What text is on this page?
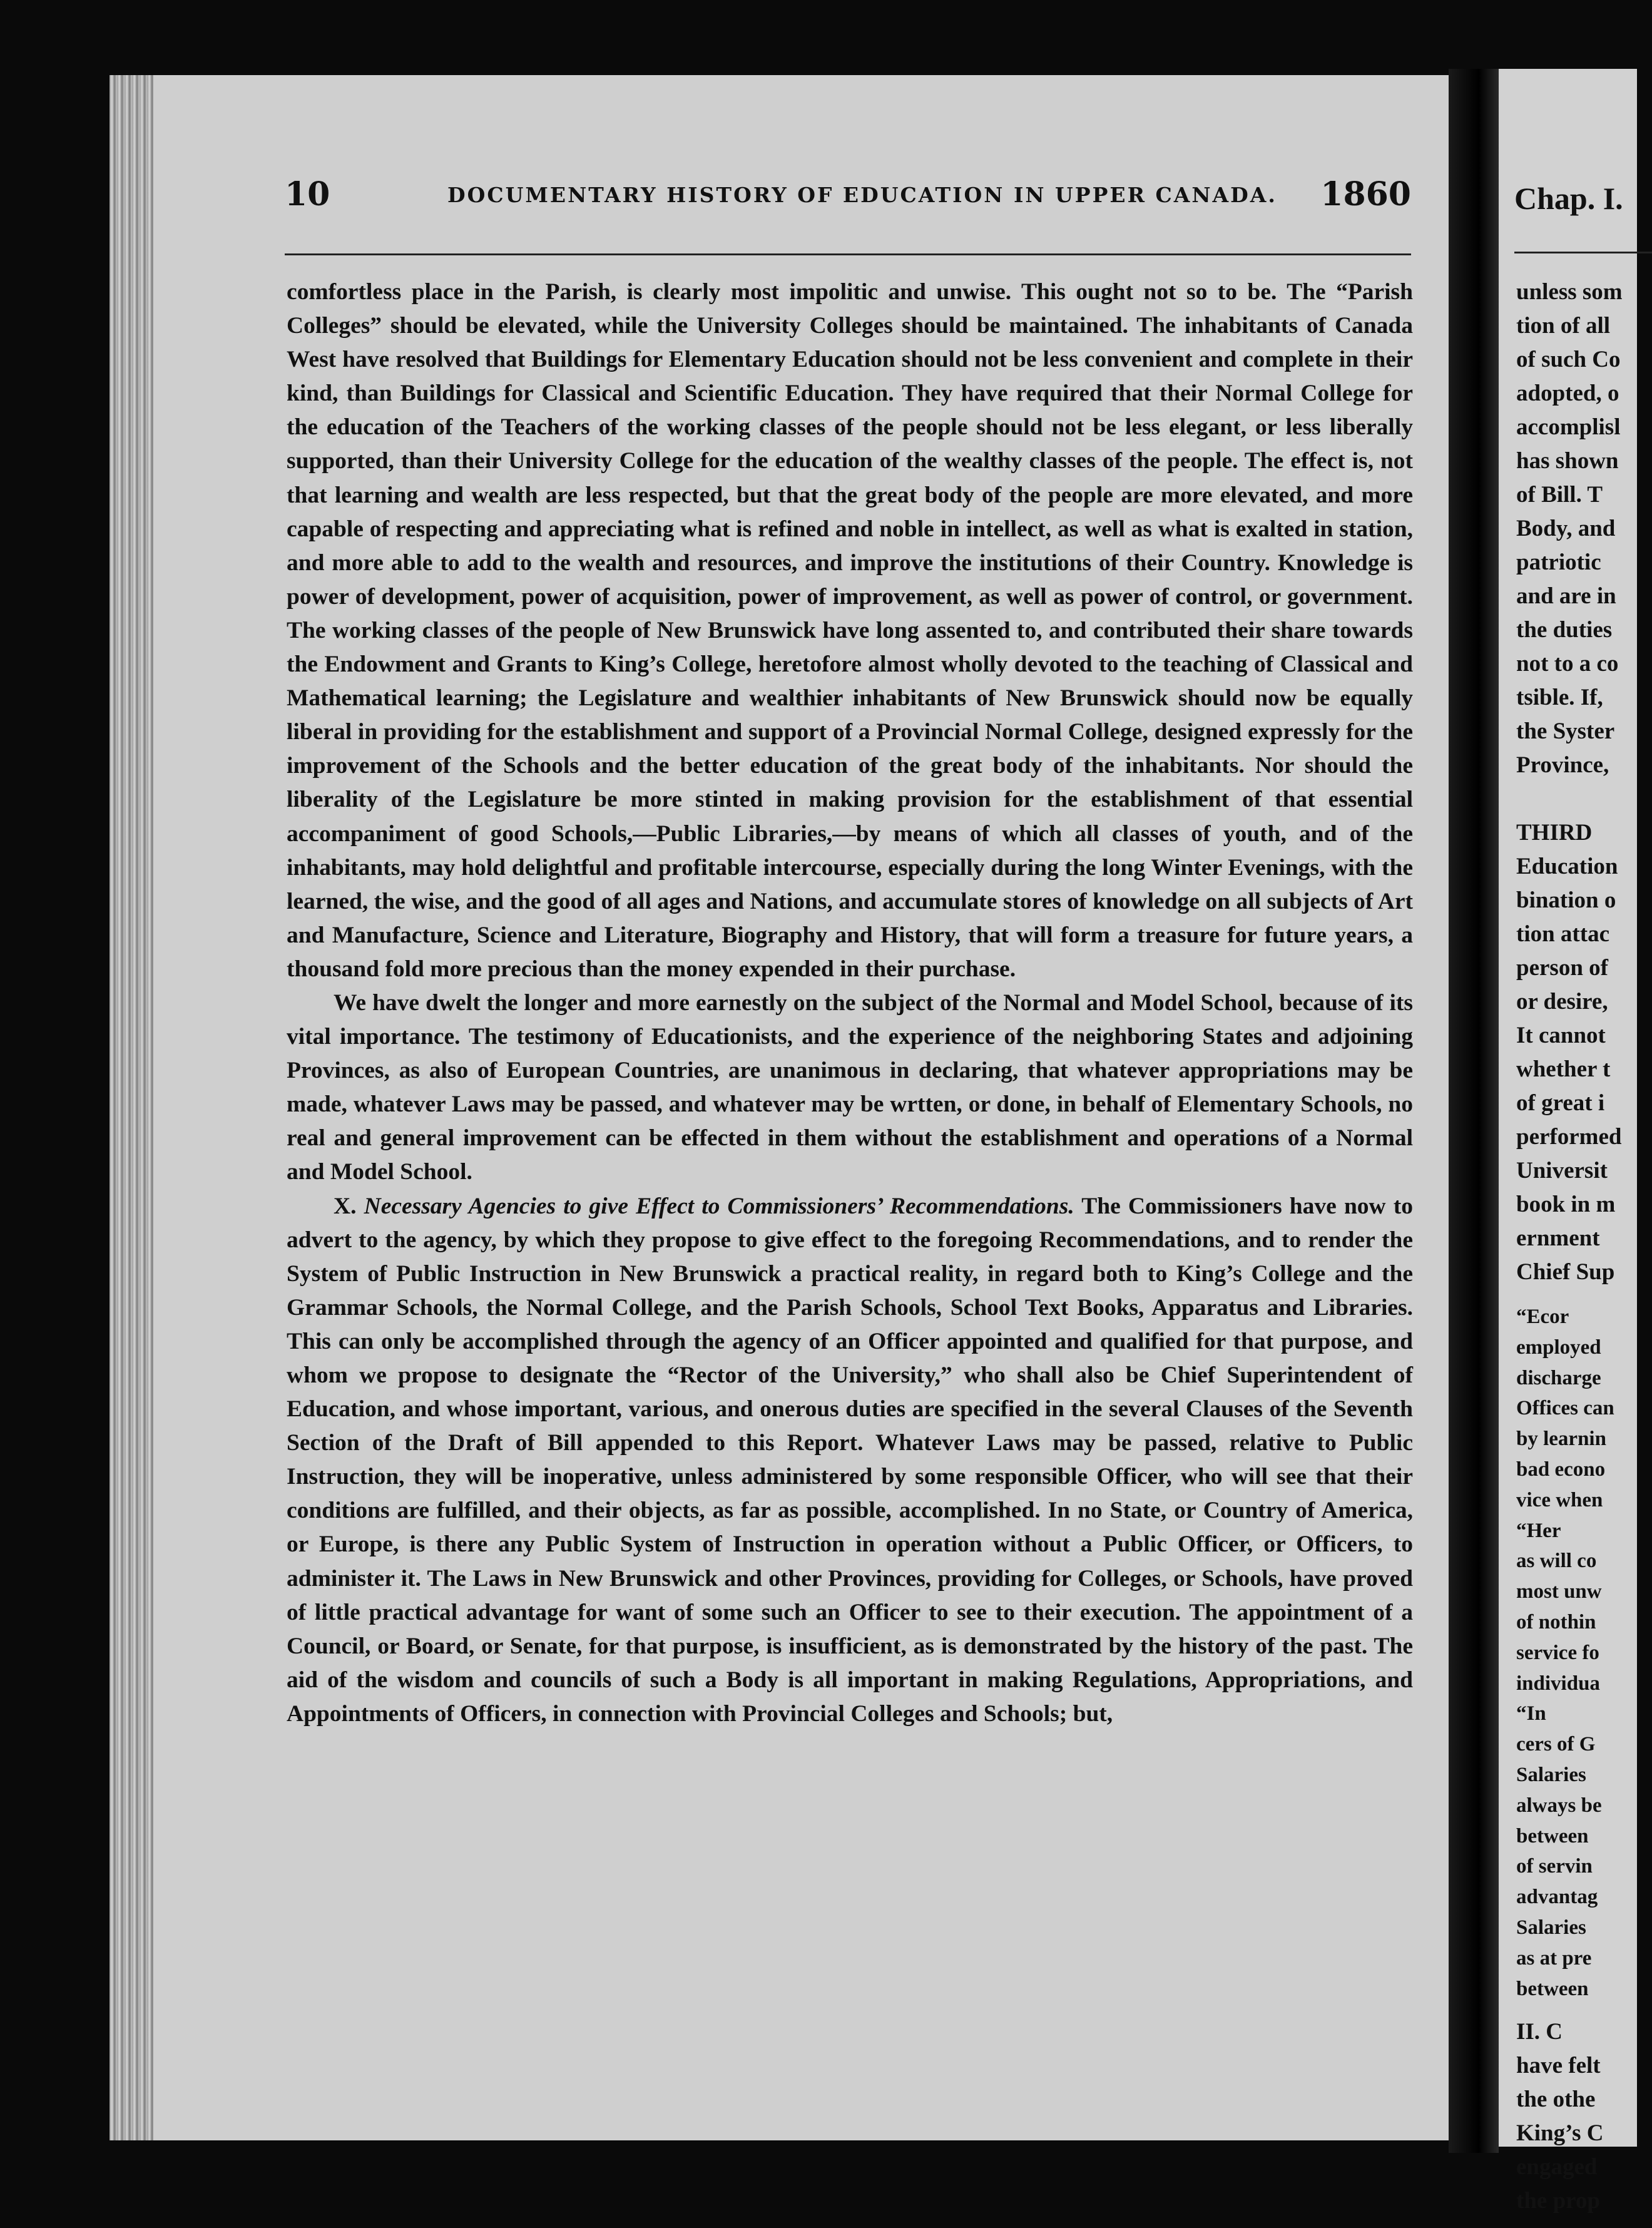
Chap. I.
unless som
tion of all
of such Co
adopted, o
accomplisl
has shown
of Bill. T
Body, and
patriotic
and are in
the duties
not to a co
tsible. If,
the Syster
Province,
THIRD
Education
bination o
tion attac
person of
or desire,
It cannot
whether t
of great i
performed
Universit
book in m
ernment
Chief Sup
“Ecor
employed
discharge
Offices can
by learnin
bad econo
vice when
“Her
as will co
most unw
of nothin
service fo
individua
“In
cers of G
Salaries
always be
between
of servin
advantag
Salaries
as at pre
between
II. C
have felt
the othe
King’s C
engaged
the prop
10	DOCUMENTARY HISTORY OF EDUCATION IN UPPER CANADA. 1860

comfortless place in the Parish, is clearly most impolitic and unwise. This ought not so to be. The “Parish Colleges” should be elevated, while the University Colleges should be maintained. The inhabitants of Canada West have resolved that Buildings for Elementary Education should not be less convenient and complete in their kind, than Buildings for Classical and Scientific Education. They have required that their Normal College for the education of the Teachers of the working classes of the people should not be less elegant, or less liberally supported, than their University College for the education of the wealthy classes of the people. The effect is, not that learning and wealth are less respected, but that the great body of the people are more elevated, and more capable of respecting and appreciating what is refined and noble in intellect, as well as what is exalted in station, and more able to add to the wealth and resources, and improve the institutions of their Country. Knowledge is power of development, power of acquisition, power of improvement, as well as power of control, or government. The working classes of the people of New Brunswick have long assented to, and contributed their share towards the Endowment and Grants to King’s College, heretofore almost wholly devoted to the teaching of Classical and Mathematical learning; the Legislature and wealthier inhabitants of New Brunswick should now be equally liberal in providing for the establishment and support of a Provincial Normal College, designed expressly for the improvement of the Schools and the better education of the great body of the inhabitants. Nor should the liberality of the Legislature be more stinted in making provision for the establishment of that essential accompaniment of good Schools,—Public Libraries,—by means of which all classes of youth, and of the inhabitants, may hold delightful and profitable intercourse, especially during the long Winter Evenings, with the learned, the wise, and the good of all ages and Nations, and accumulate stores of knowledge on all subjects of Art and Manufacture, Science and Literature, Biography and History, that will form a treasure for future years, a thousand fold more precious than the money expended in their purchase.

We have dwelt the longer and more earnestly on the subject of the Normal and Model School, because of its vital importance. The testimony of Educationists, and the experience of the neighboring States and adjoining Provinces, as also of European Countries, are unanimous in declaring, that whatever appropriations may be made, whatever Laws may be passed, and whatever may be wrtten, or done, in behalf of Elementary Schools, no real and general improvement can be effected in them without the establishment and operations of a Normal and Model School.

X. Necessary Agencies to give Effect to Commissioners’ Recommendations. The Commissioners have now to advert to the agency, by which they propose to give effect to the foregoing Recommendations, and to render the System of Public Instruction in New Brunswick a practical reality, in regard both to King’s College and the Grammar Schools, the Normal College, and the Parish Schools, School Text Books, Apparatus and Libraries. This can only be accomplished through the agency of an Officer appointed and qualified for that purpose, and whom we propose to designate the “Rector of the University,” who shall also be Chief Superintendent of Education, and whose important, various, and onerous duties are specified in the several Clauses of the Seventh Section of the Draft of Bill appended to this Report. Whatever Laws may be passed, relative to Public Instruction, they will be inoperative, unless administered by some responsible Officer, who will see that their conditions are fulfilled, and their objects, as far as possible, accomplished. In no State, or Country of America, or Europe, is there any Public System of Instruction in operation without a Public Officer, or Officers, to administer it. The Laws in New Brunswick and other Provinces, providing for Colleges, or Schools, have proved of little practical advantage for want of some such an Officer to see to their execution. The appointment of a Council, or Board, or Senate, for that purpose, is insufficient, as is demonstrated by the history of the past. The aid of the wisdom and councils of such a Body is all important in making Regulations, Appropriations, and Appointments of Officers, in connection with Provincial Colleges and Schools; but,
